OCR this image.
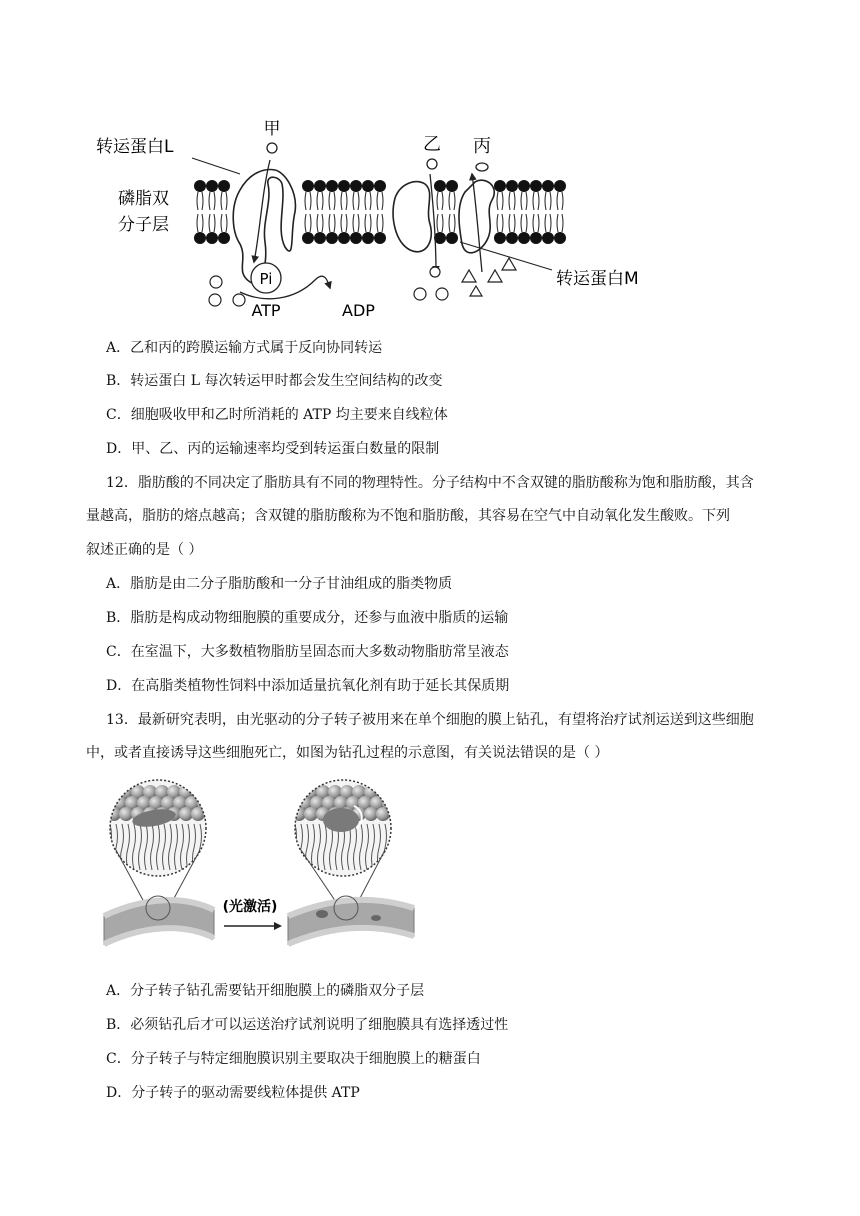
甲
转运蛋白L
磷脂双
分子层
Pi
ATP	ADP
乙 丙
转运蛋白M
A．乙和丙的跨膜运输方式属于反向协同转运
B．转运蛋白 L 每次转运甲时都会发生空间结构的改变
C．细胞吸收甲和乙时所消耗的 ATP 均主要来自线粒体
D．甲、乙、丙的运输速率均受到转运蛋白数量的限制
12．脂肪酸的不同决定了脂肪具有不同的物理特性。分子结构中不含双键的脂肪酸称为饱和脂肪酸，其含
量越高，脂肪的熔点越高；含双键的脂肪酸称为不饱和脂肪酸，其容易在空气中自动氧化发生酸败。下列
叙述正确的是（ ）
A．脂肪是由二分子脂肪酸和一分子甘油组成的脂类物质
B．脂肪是构成动物细胞膜的重要成分，还参与血液中脂质的运输
C．在室温下，大多数植物脂肪呈固态而大多数动物脂肪常呈液态
D．在高脂类植物性饲料中添加适量抗氧化剂有助于延长其保质期
13．最新研究表明，由光驱动的分子转子被用来在单个细胞的膜上钻孔，有望将治疗试剂运送到这些细胞
中，或者直接诱导这些细胞死亡，如图为钻孔过程的示意图，有关说法错误的是（ ）
(光激活)
A．分子转子钻孔需要钻开细胞膜上的磷脂双分子层
B．必须钻孔后才可以运送治疗试剂说明了细胞膜具有选择透过性
C．分子转子与特定细胞膜识别主要取决于细胞膜上的糖蛋白
D．分子转子的驱动需要线粒体提供 ATP
